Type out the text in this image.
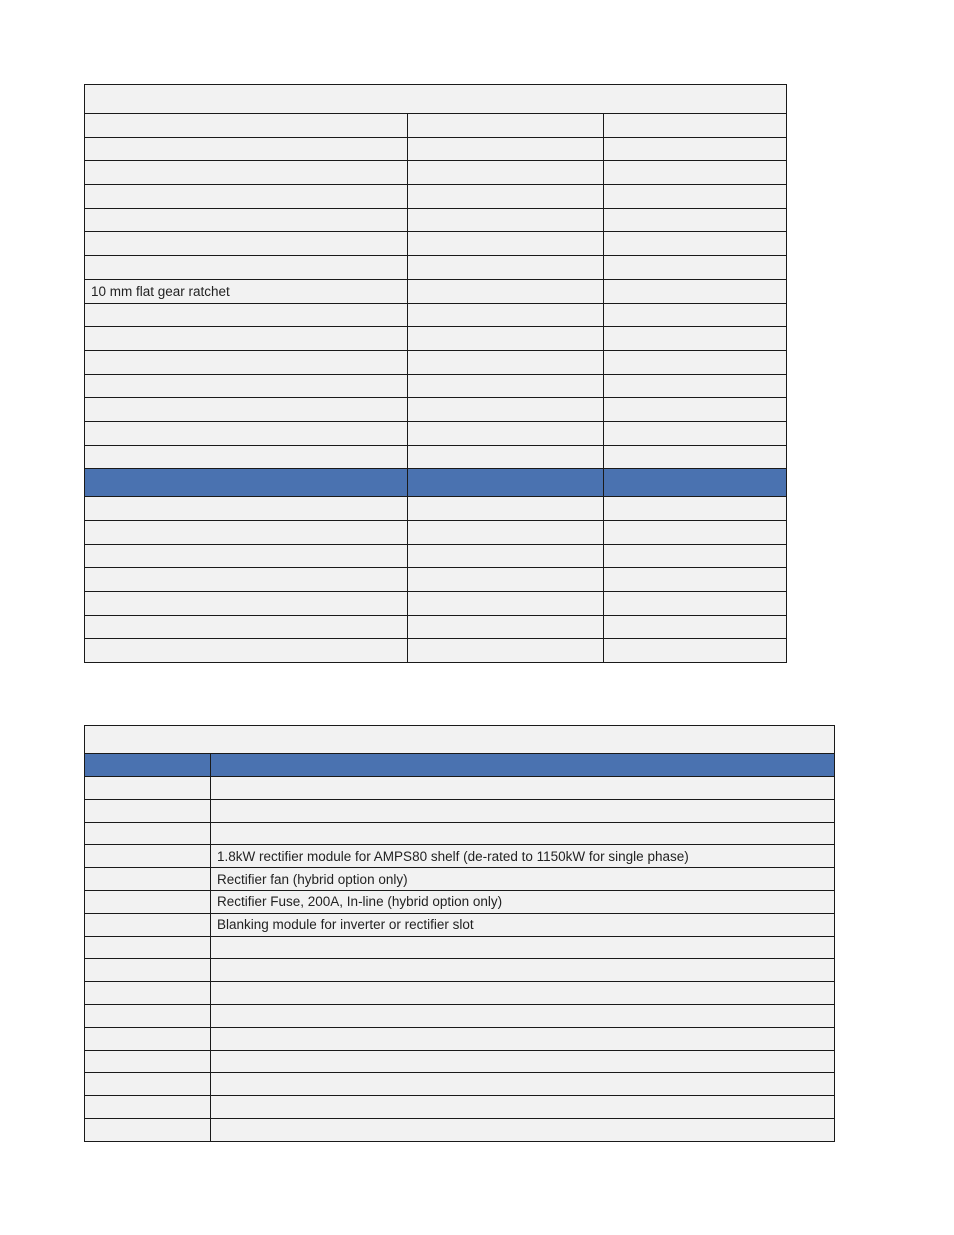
10 mm flat gear ratchet		

	1.8kW rectifier module for AMPS80 shelf (de-rated to 1150kW for single phase)
	Rectifier fan (hybrid option only)
	Rectifier Fuse, 200A, In-line (hybrid option only)
	Blanking module for inverter or rectifier slot
